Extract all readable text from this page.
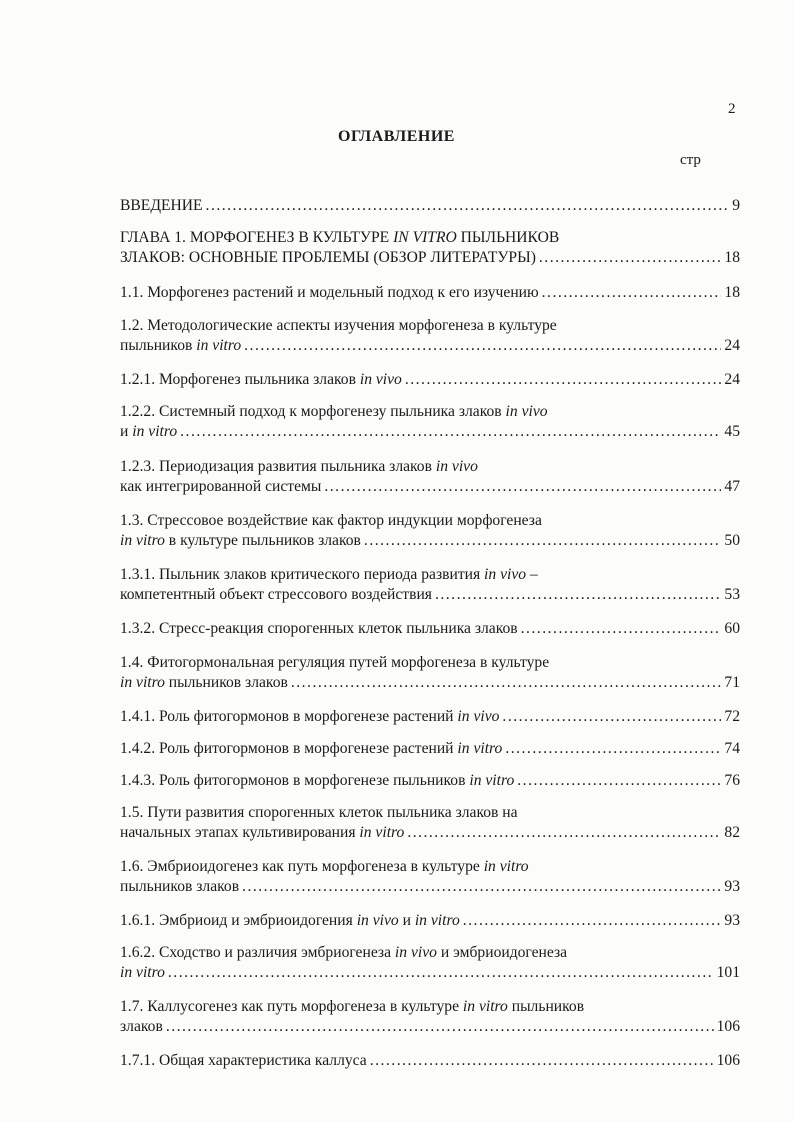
2
ОГЛАВЛЕНИЕ
стр
ВВЕДЕНИЕ .....	9
ГЛАВА 1. МОРФОГЕНЕЗ В КУЛЬТУРЕ IN VITRO ПЫЛЬНИКОВ
ЗЛАКОВ: ОСНОВНЫЕ ПРОБЛЕМЫ (ОБЗОР ЛИТЕРАТУРЫ) .....	18
1.1. Морфогенез растений и модельный подход к его изучению .....	18
1.2. Методологические аспекты изучения морфогенеза в культуре
пыльников in vitro .....	24
1.2.1. Морфогенез пыльника злаков in vivo .....	24
1.2.2. Системный подход к морфогенезу пыльника злаков in vivo
и in vitro .....	45
1.2.3. Периодизация развития пыльника злаков in vivo
как интегрированной системы .....	47
1.3. Стрессовое воздействие как фактор индукции морфогенеза
in vitro в культуре пыльников злаков .....	50
1.3.1. Пыльник злаков критического периода развития in vivo –
компетентный объект стрессового воздействия .....	53
1.3.2. Стресс-реакция спорогенных клеток пыльника злаков .....	60
1.4. Фитогормональная регуляция путей морфогенеза в культуре
in vitro пыльников злаков .....	71
1.4.1. Роль фитогормонов в морфогенезе растений in vivo .....	72
1.4.2. Роль фитогормонов в морфогенезе растений in vitro .....	74
1.4.3. Роль фитогормонов в морфогенезе пыльников in vitro .....	76
1.5. Пути развития спорогенных клеток пыльника злаков на
начальных этапах культивирования in vitro .....	82
1.6. Эмбриоидогенез как путь морфогенеза в культуре in vitro
пыльников злаков .....	93
1.6.1. Эмбриоид и эмбриоидогения in vivo и in vitro .....	93
1.6.2. Сходство и различия эмбриогенеза in vivo и эмбриоидогенеза
in vitro .....	101
1.7. Каллусогенез как путь морфогенеза в культуре in vitro пыльников
злаков .....	106
1.7.1. Общая характеристика каллуса .....	106
